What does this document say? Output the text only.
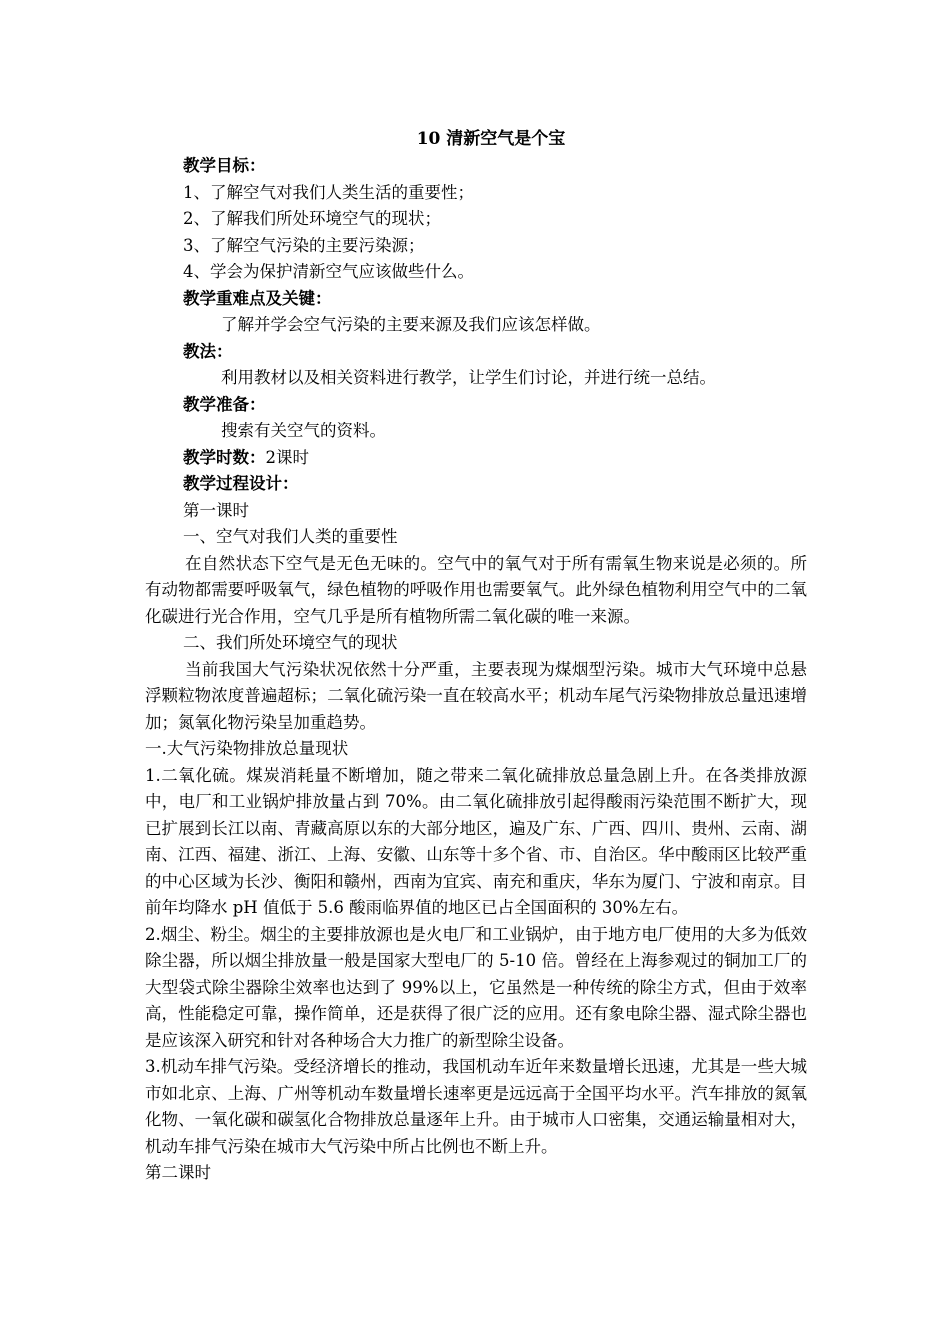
10 清新空气是个宝

教学目标：

1、了解空气对我们人类生活的重要性；

2、了解我们所处环境空气的现状；

3、了解空气污染的主要污染源；

4、学会为保护清新空气应该做些什么。

教学重难点及关键：

了解并学会空气污染的主要来源及我们应该怎样做。

教法：

利用教材以及相关资料进行教学，让学生们讨论，并进行统一总结。

教学准备：

搜索有关空气的资料。

教学时数：2课时

教学过程设计：

第一课时

一、空气对我们人类的重要性

在自然状态下空气是无色无味的。空气中的氧气对于所有需氧生物来说是必须的。所有动物都需要呼吸氧气，绿色植物的呼吸作用也需要氧气。此外绿色植物利用空气中的二氧化碳进行光合作用，空气几乎是所有植物所需二氧化碳的唯一来源。

二、我们所处环境空气的现状

当前我国大气污染状况依然十分严重，主要表现为煤烟型污染。城市大气环境中总悬浮颗粒物浓度普遍超标；二氧化硫污染一直在较高水平；机动车尾气污染物排放总量迅速增加；氮氧化物污染呈加重趋势。

一.大气污染物排放总量现状

1.二氧化硫。煤炭消耗量不断增加，随之带来二氧化硫排放总量急剧上升。在各类排放源中，电厂和工业锅炉排放量占到 70%。由二氧化硫排放引起得酸雨污染范围不断扩大，现已扩展到长江以南、青藏高原以东的大部分地区，遍及广东、广西、四川、贵州、云南、湖南、江西、福建、浙江、上海、安徽、山东等十多个省、市、自治区。华中酸雨区比较严重的中心区域为长沙、衡阳和赣州，西南为宜宾、南充和重庆，华东为厦门、宁波和南京。目前年均降水 pH 值低于 5.6 酸雨临界值的地区已占全国面积的 30%左右。

2.烟尘、粉尘。烟尘的主要排放源也是火电厂和工业锅炉，由于地方电厂使用的大多为低效除尘器，所以烟尘排放量一般是国家大型电厂的 5-10 倍。曾经在上海参观过的铜加工厂的大型袋式除尘器除尘效率也达到了 99%以上，它虽然是一种传统的除尘方式，但由于效率高，性能稳定可靠，操作简单，还是获得了很广泛的应用。还有象电除尘器、湿式除尘器也是应该深入研究和针对各种场合大力推广的新型除尘设备。

3.机动车排气污染。受经济增长的推动，我国机动车近年来数量增长迅速，尤其是一些大城市如北京、上海、广州等机动车数量增长速率更是远远高于全国平均水平。汽车排放的氮氧化物、一氧化碳和碳氢化合物排放总量逐年上升。由于城市人口密集，交通运输量相对大，机动车排气污染在城市大气污染中所占比例也不断上升。

第二课时
